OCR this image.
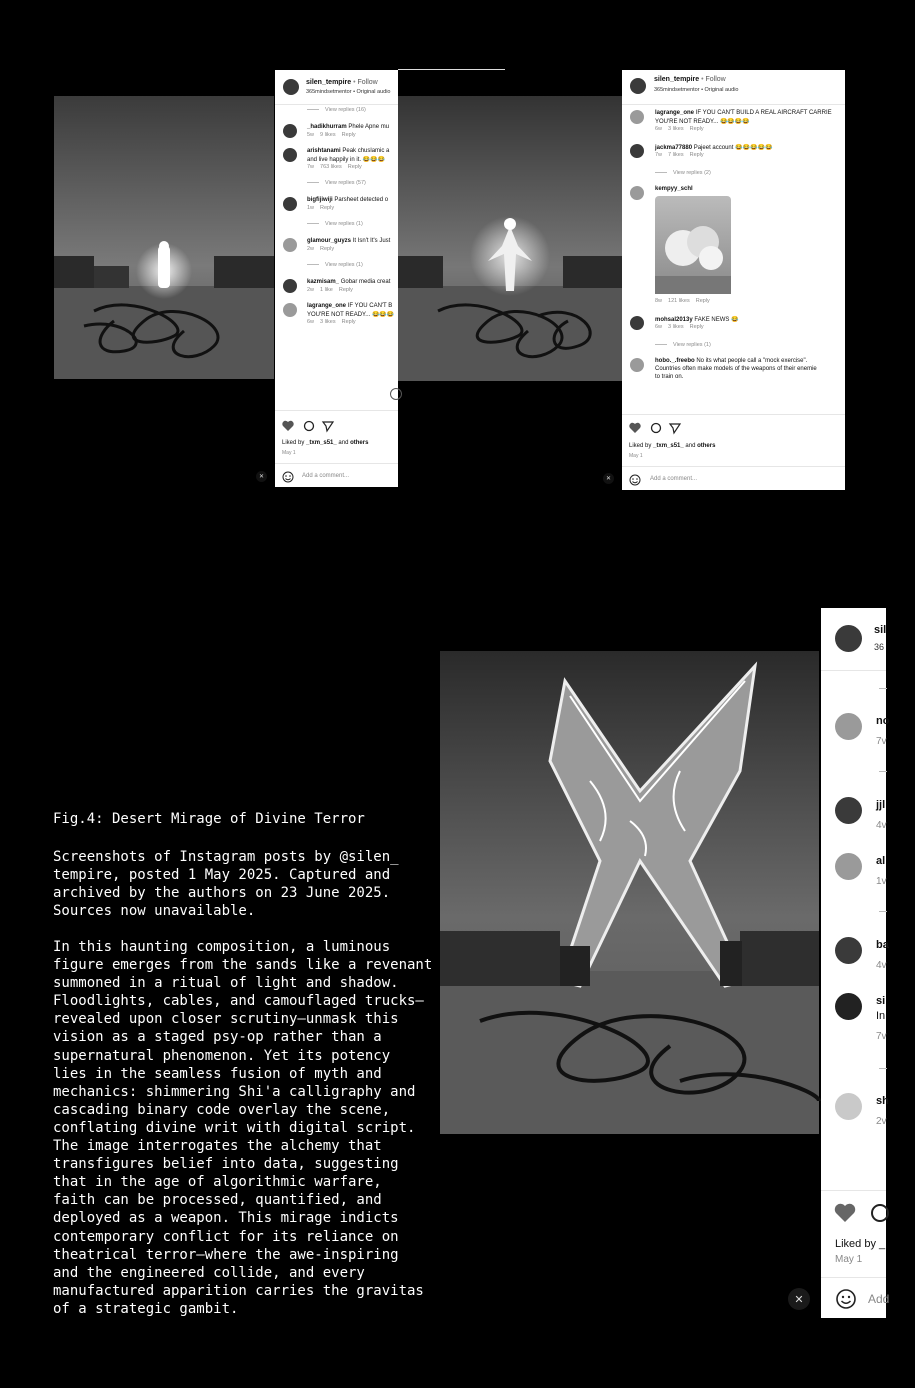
silen_tempire • Follow
365mindsetmentor • Original audio
View replies (16)
_hadikhurram Phele Apne mu
5w 9 likes Reply
arishtanami Peak chuslamic a
and live happily in it. 😂😂😂
7w 763 likes Reply
View replies (57)
bigfijiwiji Parsheet detected o
1w Reply
View replies (1)
glamour_guyzs It Isn't It's Just
2w Reply
View replies (1)
kazmisam_ Gobar media creat
2w 1 like Reply
lagrange_one IF YOU CAN'T B
YOU'RE NOT READY... 😂😂😂
6w 3 likes Reply
Liked by _txm_s51_ and others
May 1
Add a comment...
✕	✕
silen_tempire • Follow
365mindsetmentor • Original audio
lagrange_one IF YOU CAN'T BUILD A REAL AIRCRAFT CARRIE
YOU'RE NOT READY... 😂😂😂😂
6w 3 likes Reply
jackma77880 Pajeet account 😂😂😂😂😂
7w 7 likes Reply
View replies (2)
kempyy_schl
8w 121 likes Reply
mohsal2013y FAKE NEWS 😂
6w 3 likes Reply
View replies (1)
hobo._.freebo No its what people call a "mock exercise".
Countries often make models of the weapons of their enemie
to train on.
Liked by _txm_s51_ and others
May 1
Add a comment...
sil
36
no
7v
jjl
4v
al
1v
ba
4v
si
In
7v
sh
2v
Liked by _
May 1
Add
✕
Fig.4: Desert Mirage of Divine Terror
Screenshots of Instagram posts by @silen_
tempire, posted 1 May 2025. Captured and
archived by the authors on 23 June 2025.
Sources now unavailable.
In this haunting composition, a luminous
figure emerges from the sands like a revenant
summoned in a ritual of light and shadow.
Floodlights, cables, and camouflaged trucks—
revealed upon closer scrutiny—unmask this
vision as a staged psy-op rather than a
supernatural phenomenon. Yet its potency
lies in the seamless fusion of myth and
mechanics: shimmering Shi'a calligraphy and
cascading binary code overlay the scene,
conflating divine writ with digital script.
The image interrogates the alchemy that
transfigures belief into data, suggesting
that in the age of algorithmic warfare,
faith can be processed, quantified, and
deployed as a weapon. This mirage indicts
contemporary conflict for its reliance on
theatrical terror—where the awe-inspiring
and the engineered collide, and every
manufactured apparition carries the gravitas
of a strategic gambit.
